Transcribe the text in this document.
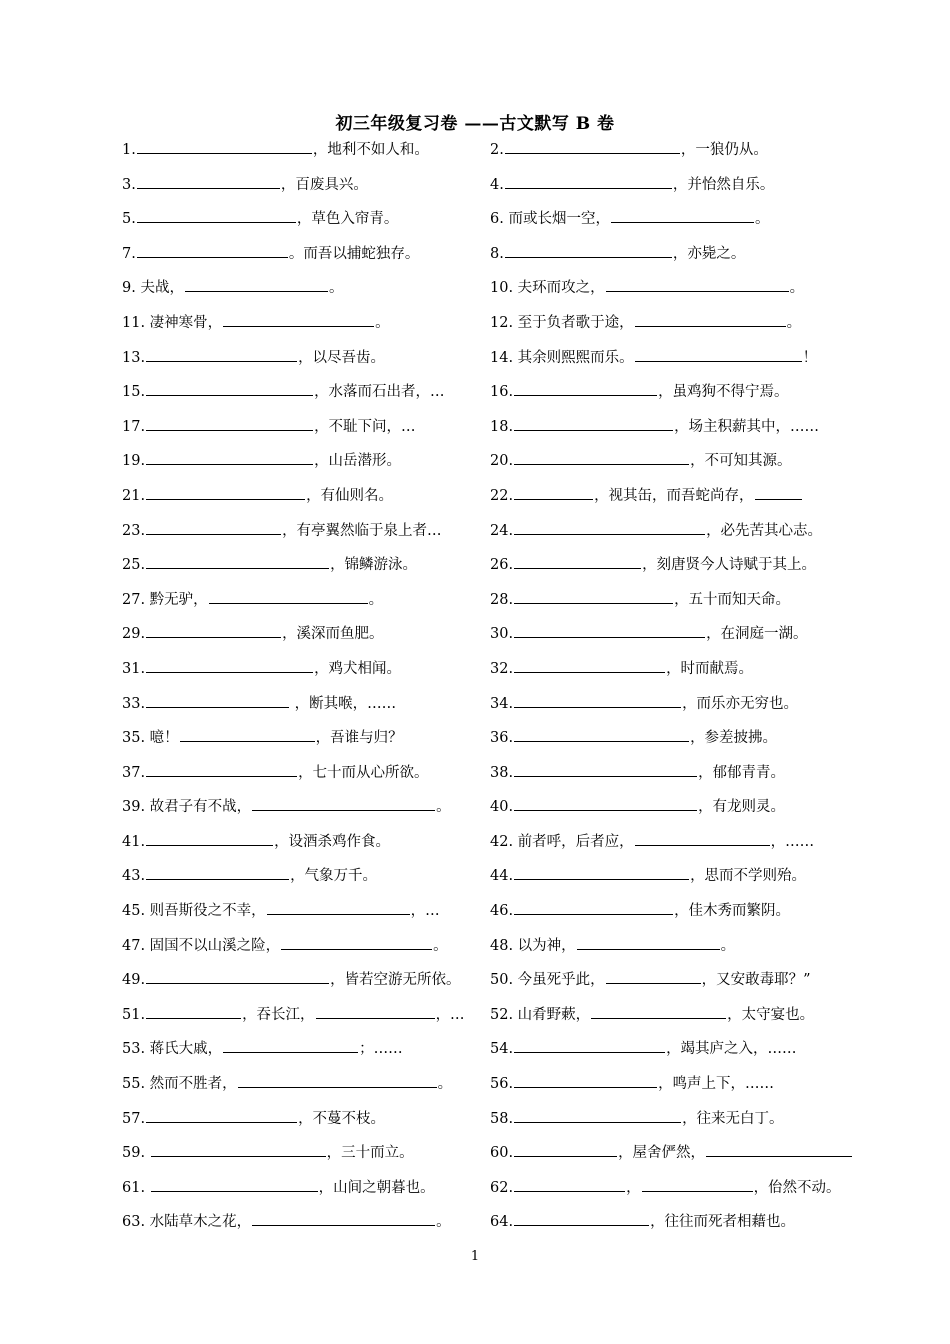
初三年级复习卷 ——古文默写 B 卷
1.	，地利不如人和。	2.	，一狼仍从。
3.	，百废具兴。	4.	，并怡然自乐。
5.	，草色入帘青。	6. 而或长烟一空，	。
7.	。而吾以捕蛇独存。	8.	，亦毙之。
9. 夫战，	。	10. 夫环而攻之，	。
11. 凄神寒骨，	。	12. 至于负者歌于途，	。
13.	，以尽吾齿。	14. 其余则熙熙而乐。	！
15.	，水落而石出者，…	16.	，虽鸡狗不得宁焉。
17.	，不耻下问，…	18.	，场主积薪其中，……
19.	，山岳潜形。	20.	，不可知其源。
21.	，有仙则名。	22.	，视其缶，而吾蛇尚存，
23.	，有亭翼然临于泉上者…	24.	，必先苦其心志。
25.	，锦鳞游泳。	26.	，刻唐贤今人诗赋于其上。
27. 黔无驴，	。	28.	，五十而知天命。
29.	，溪深而鱼肥。	30.	，在洞庭一湖。
31.	，鸡犬相闻。	32.	，时而献焉。
33.	，断其喉，……	34.	，而乐亦无穷也。
35. 噫！	，吾谁与归？	36.	，参差披拂。
37.	，七十而从心所欲。	38.	，郁郁青青。
39. 故君子有不战，	。	40.	，有龙则灵。
41.	，设酒杀鸡作食。	42. 前者呼，后者应，	，……
43.	，气象万千。	44.	，思而不学则殆。
45. 则吾斯役之不幸，	，…	46.	，佳木秀而繁阴。
47. 固国不以山溪之险，	。	48. 以为神，	。
49.	，皆若空游无所依。	50. 今虽死乎此，	，又安敢毒耶？”
51.	，吞长江，	，…	52. 山肴野蔌，	，太守宴也。
53. 蒋氏大戚，	；……	54.	，竭其庐之入，……
55. 然而不胜者，	。	56.	，鸣声上下，……
57.	，不蔓不枝。	58.	，往来无白丁。
59.	，三十而立。	60.	，屋舍俨然，
61.	，山间之朝暮也。	62.	，	，佁然不动。
63. 水陆草木之花，	。	64.	，往往而死者相藉也。
1
